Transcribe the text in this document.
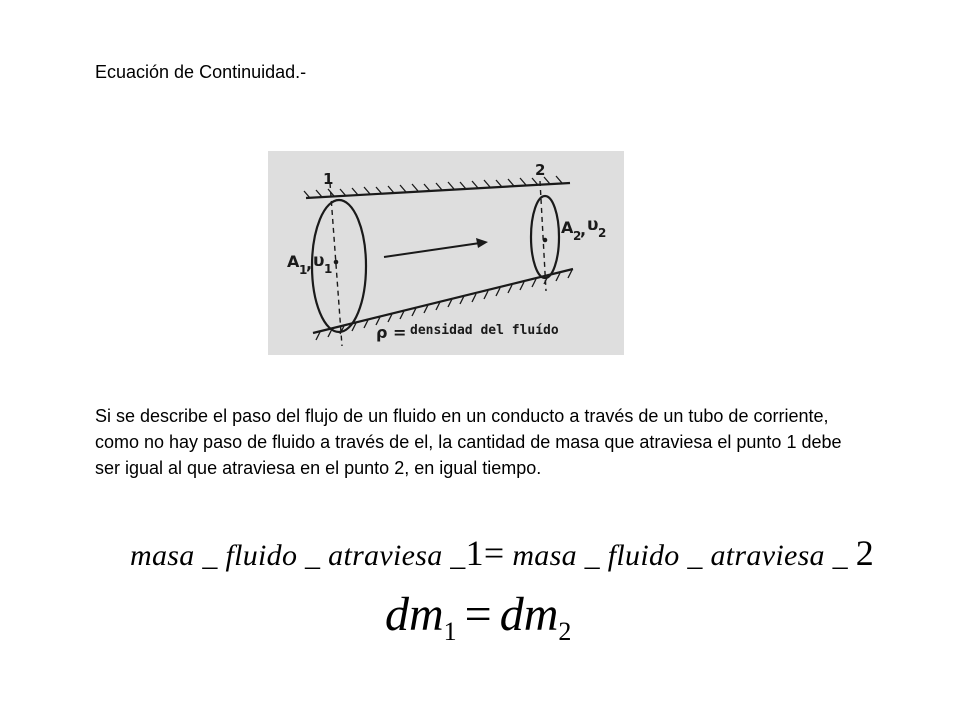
Ecuación de Continuidad.-
1	2
A 1
, υ 1
A 2
, υ 2
ρ = densidad del fluído

Si se describe el paso del flujo de un fluido en un conducto a través de un tubo de corriente, como no hay paso de fluido a través de el, la cantidad de masa que atraviesa el punto 1 debe ser igual al que atraviesa en el punto 2, en igual tiempo.

masa _ fluido _ atraviesa _1= masa _ fluido _ atraviesa _ 2
$dm_1 = dm_2$
